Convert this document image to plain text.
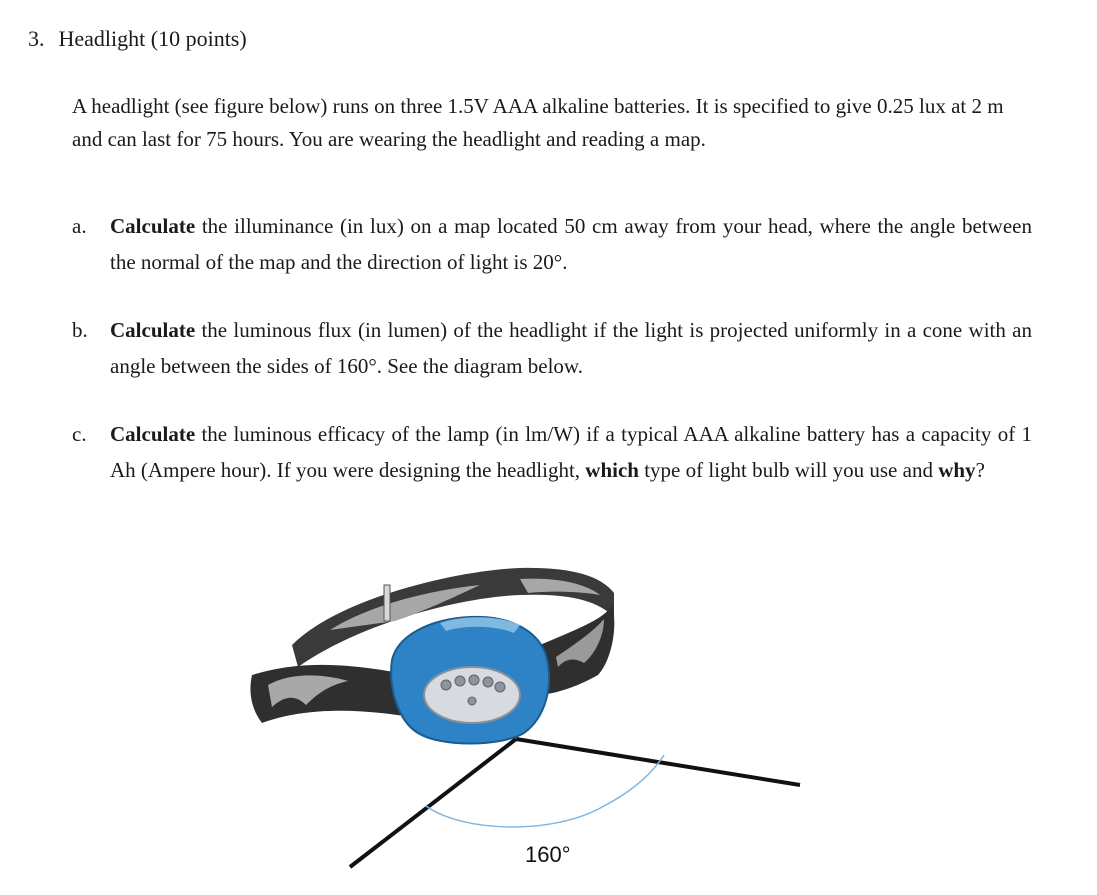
3. Headlight (10 points)
A headlight (see figure below) runs on three 1.5V AAA alkaline batteries. It is specified to give 0.25 lux at 2 m and can last for 75 hours. You are wearing the headlight and reading a map.
a.	Calculate the illuminance (in lux) on a map located 50 cm away from your head, where the angle between the normal of the map and the direction of light is 20°.
b.	Calculate the luminous flux (in lumen) of the headlight if the light is projected uniformly in a cone with an angle between the sides of 160°. See the diagram below.
c.	Calculate the luminous efficacy of the lamp (in lm/W) if a typical AAA alkaline battery has a capacity of 1 Ah (Ampere hour). If you were designing the headlight, which type of light bulb will you use and why?
160°
